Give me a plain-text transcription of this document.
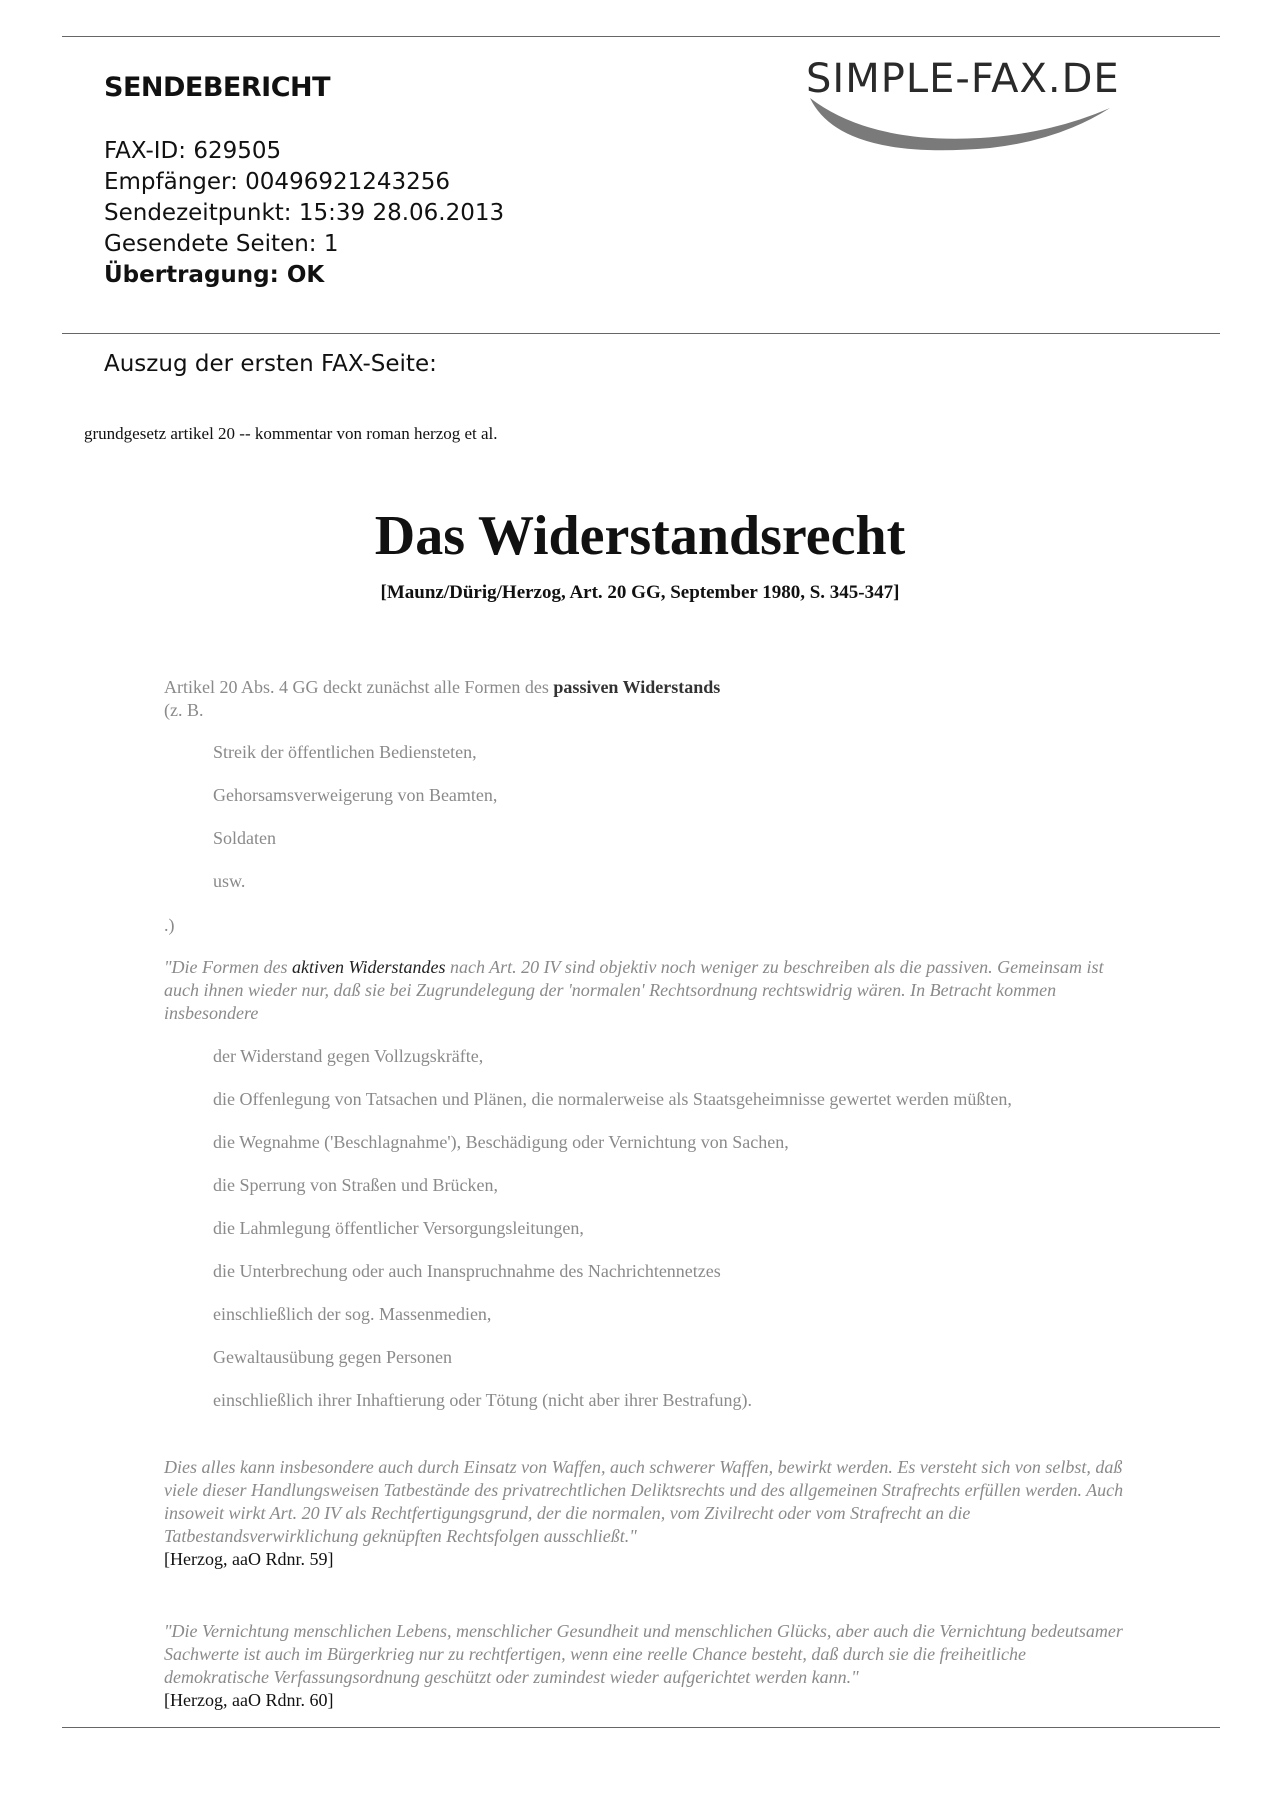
SENDEBERICHT	SIMPLE-FAX.DE
FAX-ID: 629505
Empfänger: 00496921243256
Sendezeitpunkt: 15:39 28.06.2013
Gesendete Seiten: 1
Übertragung: OK
Auszug der ersten FAX-Seite:
grundgesetz artikel 20 -- kommentar von roman herzog et al.
Das Widerstandsrecht
[Maunz/Dürig/Herzog, Art. 20 GG, September 1980, S. 345-347]
Artikel 20 Abs. 4 GG deckt zunächst alle Formen des passiven Widerstands
(z. B.
Streik der öffentlichen Bediensteten,
Gehorsamsverweigerung von Beamten,
Soldaten
usw.
.)
"Die Formen des aktiven Widerstandes nach Art. 20 IV sind objektiv noch weniger zu beschreiben als die passiven. Gemeinsam ist auch ihnen wieder nur, daß sie bei Zugrundelegung der 'normalen' Rechtsordnung rechtswidrig wären. In Betracht kommen insbesondere
der Widerstand gegen Vollzugskräfte,
die Offenlegung von Tatsachen und Plänen, die normalerweise als Staatsgeheimnisse gewertet werden müßten,
die Wegnahme ('Beschlagnahme'), Beschädigung oder Vernichtung von Sachen,
die Sperrung von Straßen und Brücken,
die Lahmlegung öffentlicher Versorgungsleitungen,
die Unterbrechung oder auch Inanspruchnahme des Nachrichtennetzes
einschließlich der sog. Massenmedien,
Gewaltausübung gegen Personen
einschließlich ihrer Inhaftierung oder Tötung (nicht aber ihrer Bestrafung).
Dies alles kann insbesondere auch durch Einsatz von Waffen, auch schwerer Waffen, bewirkt werden. Es versteht sich von selbst, daß viele dieser Handlungsweisen Tatbestände des privatrechtlichen Deliktsrechts und des allgemeinen Strafrechts erfüllen werden. Auch insoweit wirkt Art. 20 IV als Rechtfertigungsgrund, der die normalen, vom Zivilrecht oder vom Strafrecht an die Tatbestandsverwirklichung geknüpften Rechtsfolgen ausschließt."
[Herzog, aaO Rdnr. 59]
"Die Vernichtung menschlichen Lebens, menschlicher Gesundheit und menschlichen Glücks, aber auch die Vernichtung bedeutsamer Sachwerte ist auch im Bürgerkrieg nur zu rechtfertigen, wenn eine reelle Chance besteht, daß durch sie die freiheitliche demokratische Verfassungsordnung geschützt oder zumindest wieder aufgerichtet werden kann."
[Herzog, aaO Rdnr. 60]
